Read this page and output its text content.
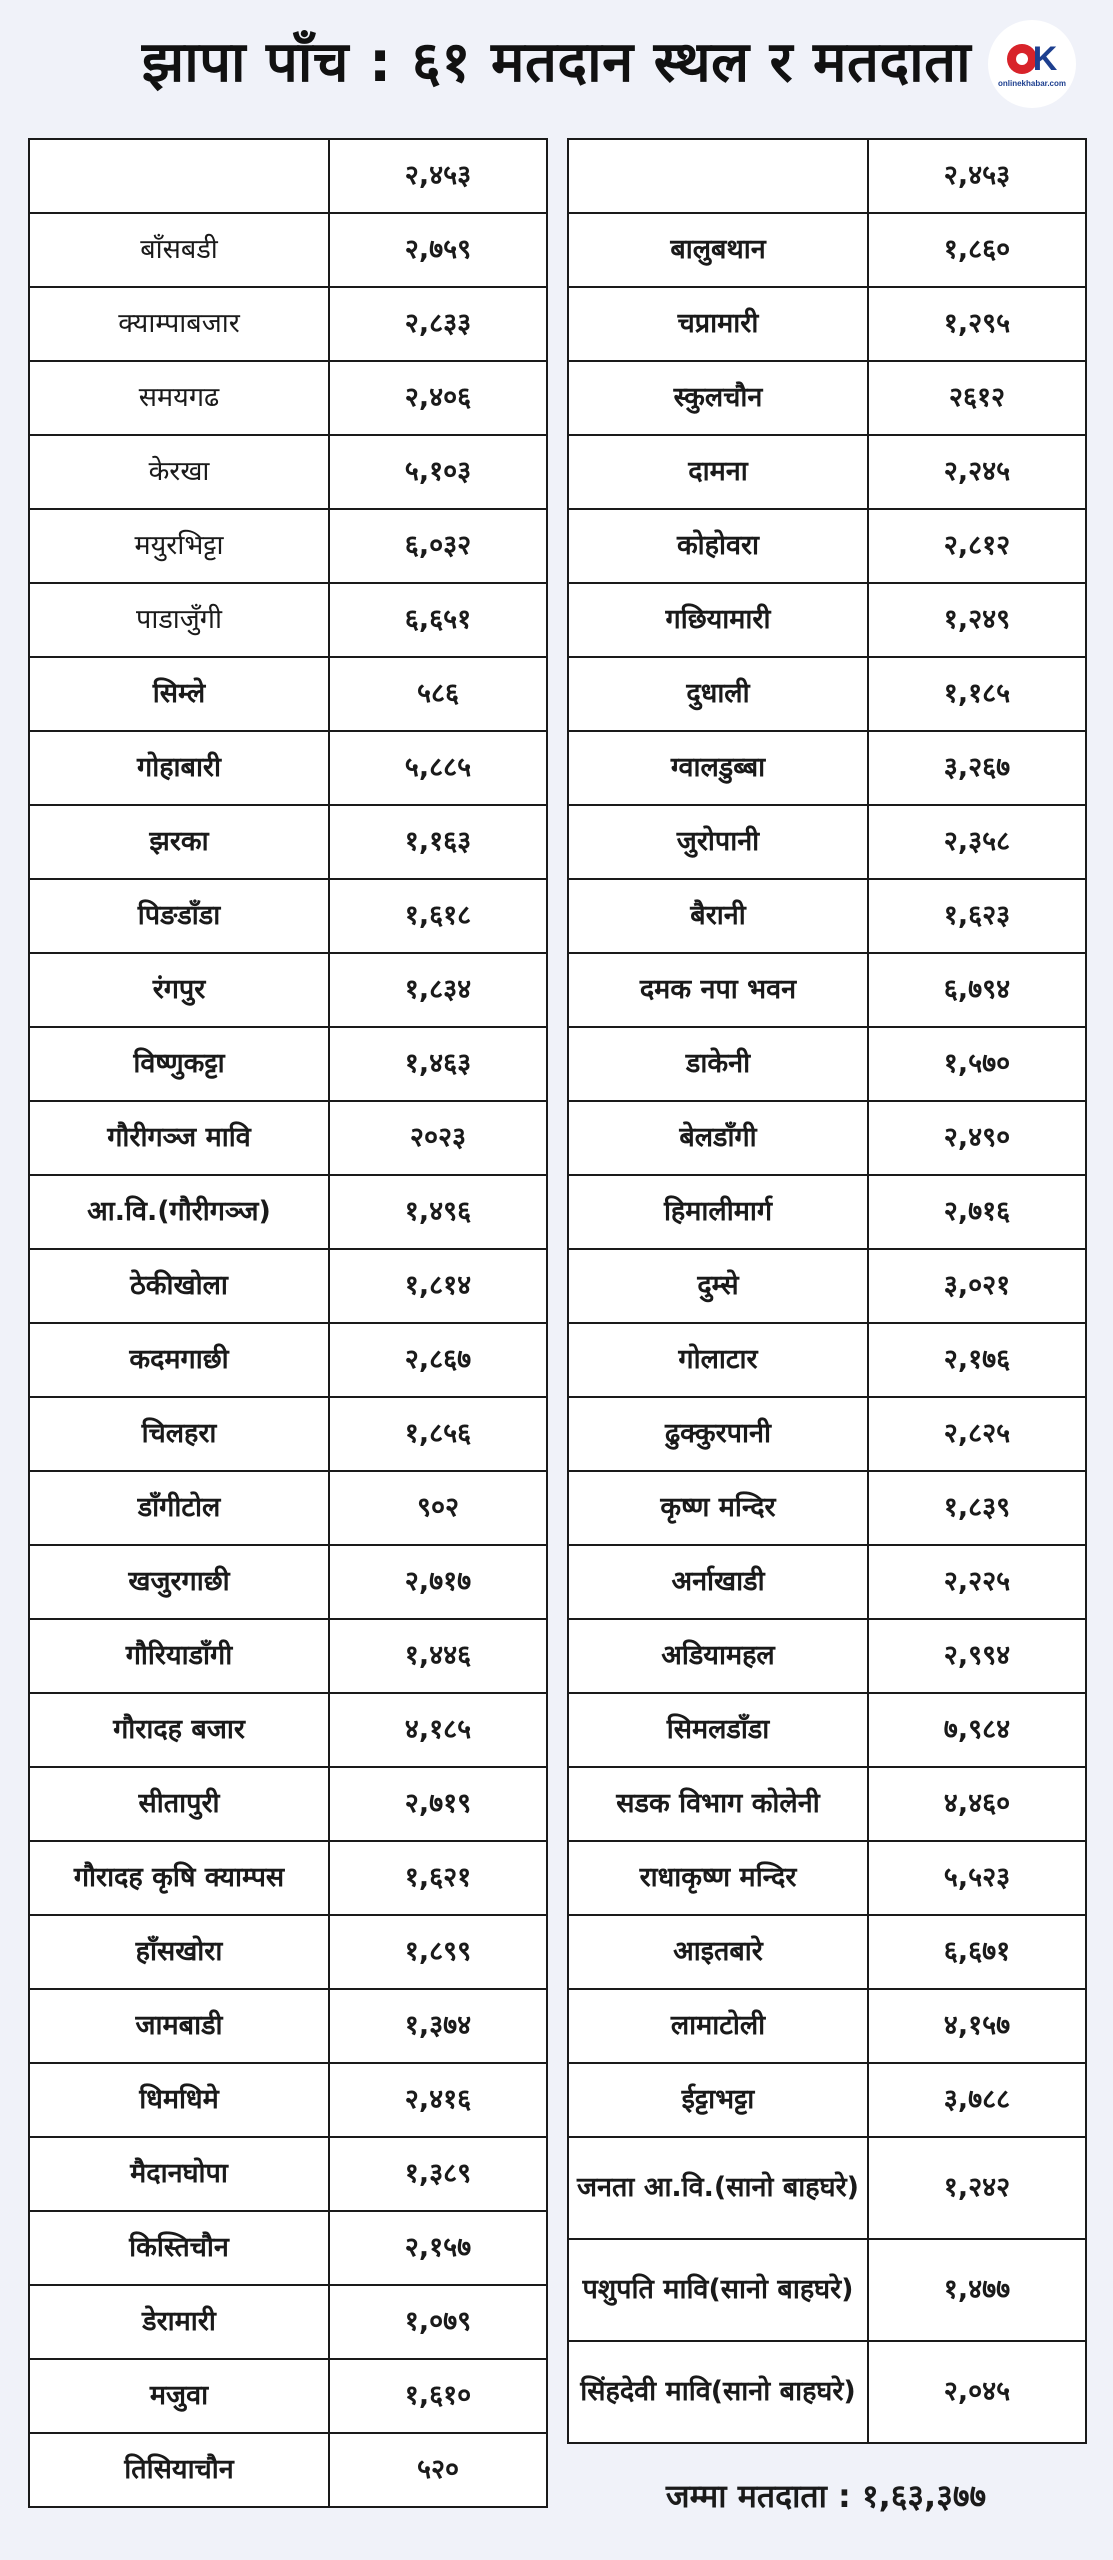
झापा पाँच : ६१ मतदान स्थल र मतदाता	K
onlinekhabar.com
	२,४५३
बाँसबडी	२,७५९
क्याम्पाबजार	२,८३३
समयगढ	२,४०६
केरखा	५,१०३
मयुरभिट्टा	६,०३२
पाडाजुँगी	६,६५१
सिम्ले	५८६
गोहाबारी	५,८८५
झरका	१,१६३
पिङडाँडा	१,६१८
रंगपुर	१,८३४
विष्णुकट्टा	१,४६३
गौरीगञ्ज मावि	२०२३
आ.वि.(गौरीगञ्ज)	१,४९६
ठेकीखोला	१,८१४
कदमगाछी	२,८६७
चिलहरा	१,८५६
डाँगीटोल	९०२
खजुरगाछी	२,७१७
गौरियाडाँगी	१,४४६
गौरादह बजार	४,१८५
सीतापुरी	२,७१९
गौरादह कृषि क्याम्पस	१,६२१
हाँसखोरा	१,८९९
जामबाडी	१,३७४
धिमधिमे	२,४१६
मैदानघोपा	१,३८९
किस्तिचौन	२,१५७
डेरामारी	१,०७९
मजुवा	१,६१०
तिसियाचौन	५२०
	२,४५३
बालुबथान	१,८६०
चप्रामारी	१,२९५
स्कुलचौन	२६१२
दामना	२,२४५
कोहोवरा	२,८१२
गछियामारी	१,२४९
दुधाली	१,१८५
ग्वालडुब्बा	३,२६७
जुरोपानी	२,३५८
बैरानी	१,६२३
दमक नपा भवन	६,७९४
डाकेनी	१,५७०
बेलडाँगी	२,४९०
हिमालीमार्ग	२,७१६
दुम्से	३,०२१
गोलाटार	२,१७६
ढुक्कुरपानी	२,८२५
कृष्ण मन्दिर	१,८३९
अर्नाखाडी	२,२२५
अडियामहल	२,९९४
सिमलडाँडा	७,९८४
सडक विभाग कोलेनी	४,४६०
राधाकृष्ण मन्दिर	५,५२३
आइतबारे	६,६७१
लामाटोली	४,१५७
ईट्टाभट्टा	३,७८८
जनता आ.वि.(सानो बाहघरे)	१,२४२
पशुपति मावि(सानो बाहघरे)	१,४७७
सिंहदेवी मावि(सानो बाहघरे)	२,०४५
जम्मा मतदाता : १,६३,३७७
